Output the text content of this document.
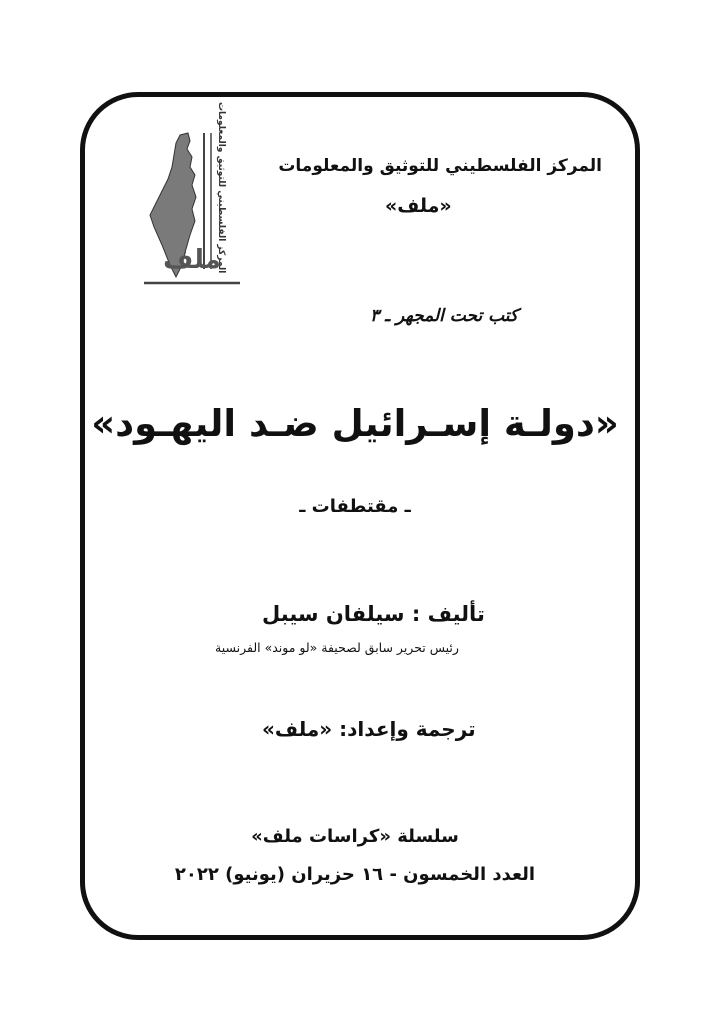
المركز الفلسطيني للتوثيق والمعلومات
ملف
المركز الفلسطيني للتوثيق والمعلومات
«ملف»
كتب تحت المجهر ـ ٣
«دولـة إسـرائيل ضـد اليهـود»
ـ مقتطفات ـ
تأليف : سيلفان سيبل
رئيس تحرير سابق لصحيفة «لو موند» الفرنسية
ترجمة وإعداد: «ملف»
سلسلة «كراسات ملف»
العدد الخمسون - ١٦ حزيران (يونيو) ٢٠٢٢
